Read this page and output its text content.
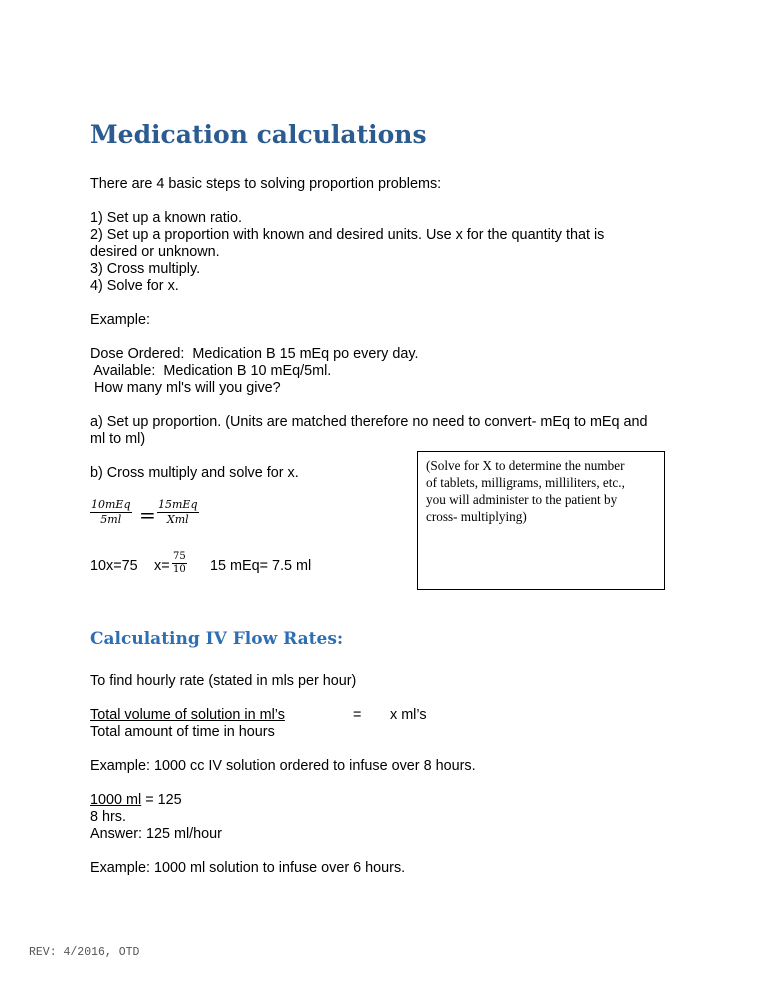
Medication calculations
There are 4 basic steps to solving proportion problems:
1) Set up a known ratio.
2) Set up a proportion with known and desired units. Use x for the quantity that is
desired or unknown.
3) Cross multiply.
4) Solve for x.
Example:
Dose Ordered:  Medication B 15 mEq po every day.
Available:  Medication B 10 mEq/5ml.
How many ml's will you give?
a) Set up proportion. (Units are matched therefore no need to convert- mEq to mEq and
ml to ml)
b) Cross multiply and solve for x.
10mEq
5ml = 15mEq
Xml
10x=75 $x= \frac{75}{10} 15$ mEq= 7.5 ml
(Solve for X to determine the number
of tablets, milligrams, milliliters, etc.,
you will administer to the patient by
cross- multiplying)
Calculating IV Flow Rates:
To find hourly rate (stated in mls per hour)
Total volume of solution in ml’s	= x ml’s
Total amount of time in hours
Example: 1000 cc IV solution ordered to infuse over 8 hours.
1000 ml = 125
8 hrs.
Answer: 125 ml/hour
Example: 1000 ml solution to infuse over 6 hours.
REV: 4/2016, OTD
